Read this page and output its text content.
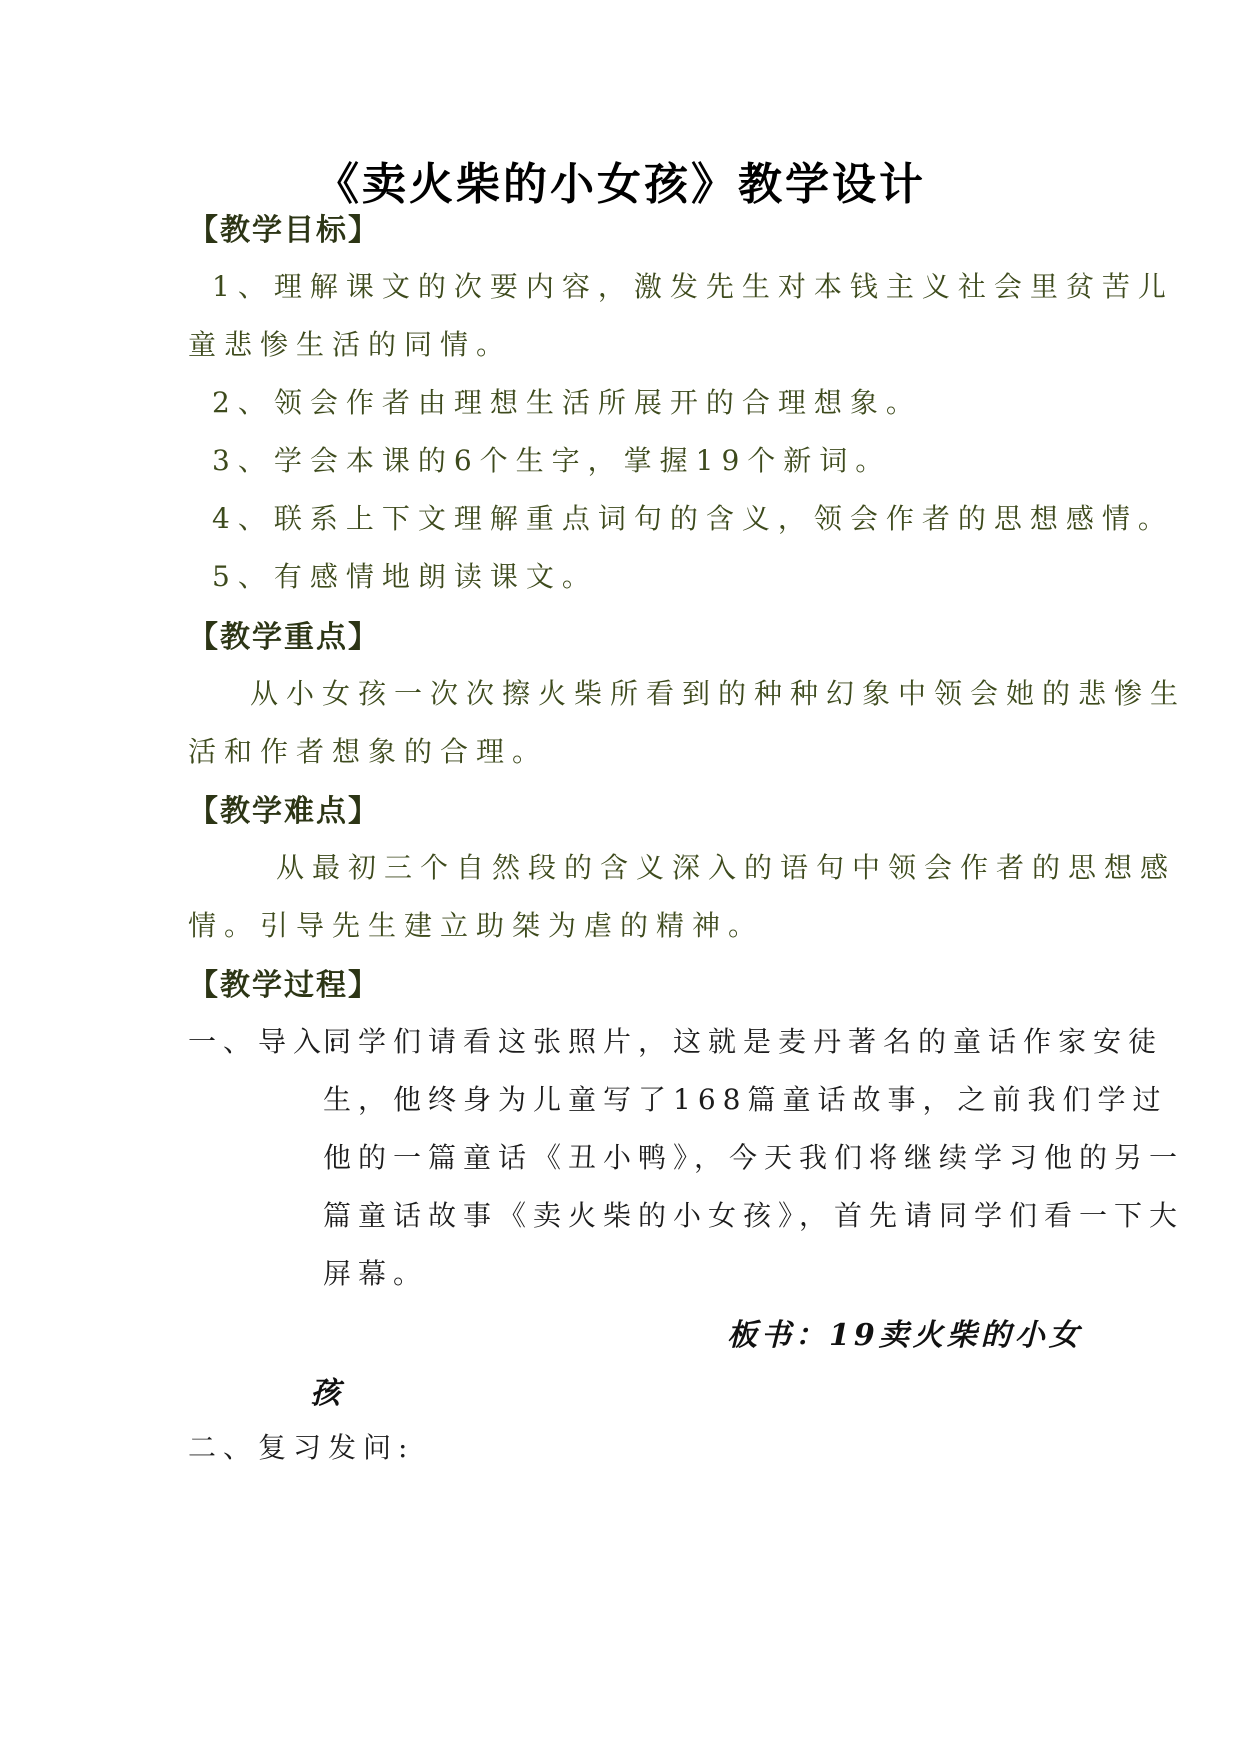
《卖火柴的小女孩》教学设计
【教学目标】
1、理解课文的次要内容，激发先生对本钱主义社会里贫苦儿
童悲惨生活的同情。
2、领会作者由理想生活所展开的合理想象。
3、学会本课的6个生字，掌握19个新词。
4、联系上下文理解重点词句的含义，领会作者的思想感情。
5、有感情地朗读课文。
【教学重点】
从小女孩一次次擦火柴所看到的种种幻象中领会她的悲惨生
活和作者想象的合理。
【教学难点】
从最初三个自然段的含义深入的语句中领会作者的思想感
情。引导先生建立助桀为虐的精神。
【教学过程】
一、导入:
同学们请看这张照片，这就是麦丹著名的童话作家安徒
生，他终身为儿童写了168篇童话故事，之前我们学过
他的一篇童话《丑小鸭》，今天我们将继续学习他的另一
篇童话故事《卖火柴的小女孩》，首先请同学们看一下大
屏幕。
板书：19卖火柴的小女
孩
二、复习发问:
